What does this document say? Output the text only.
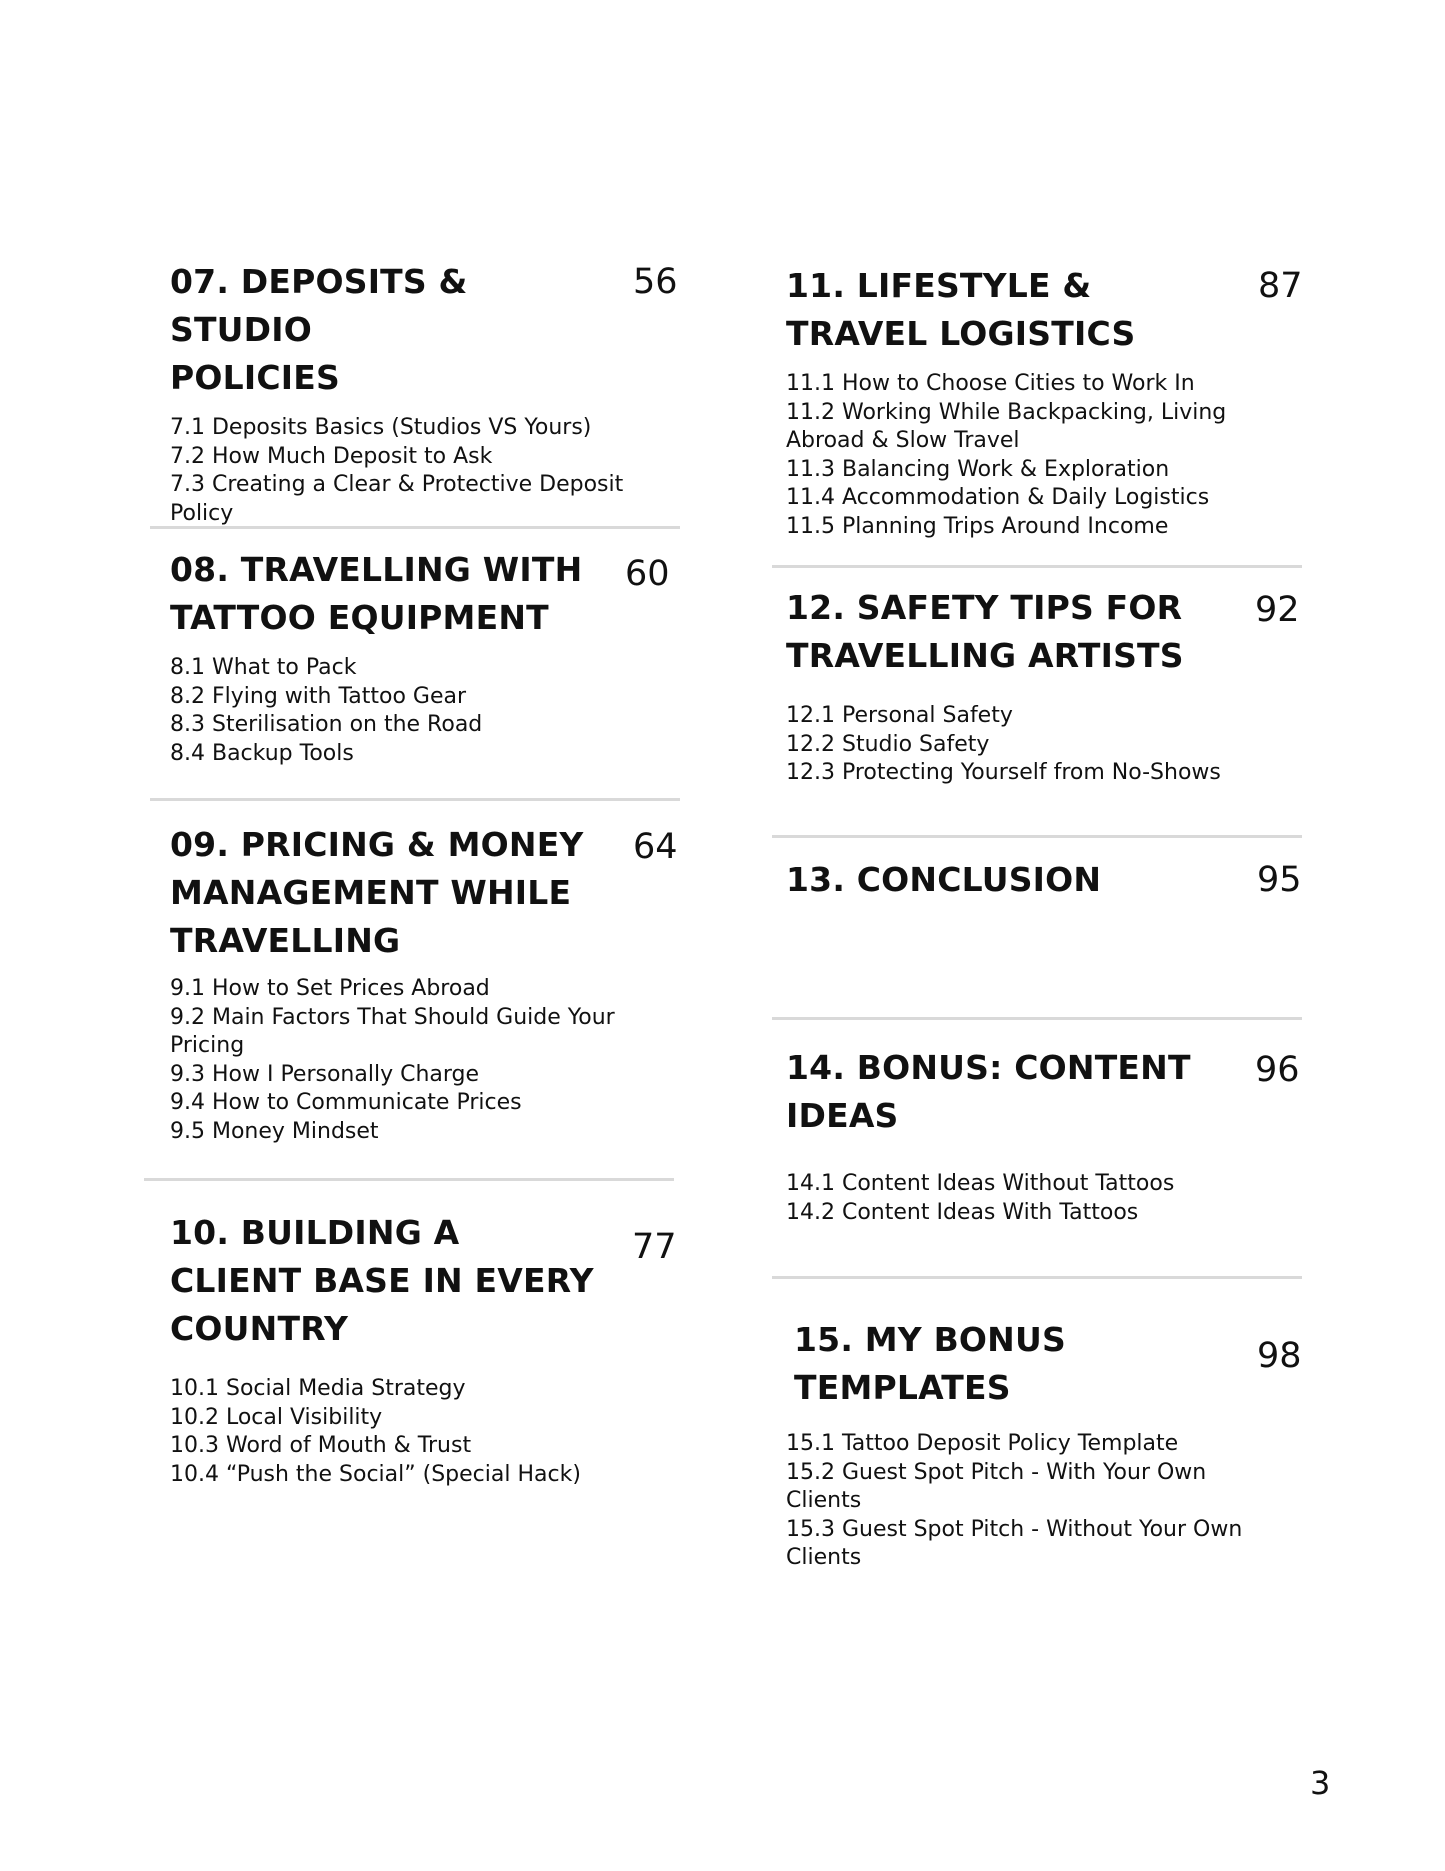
07. DEPOSITS & STUDIO POLICIES
56
7.1 Deposits Basics (Studios VS Yours)
7.2 How Much Deposit to Ask
7.3 Creating a Clear & Protective Deposit Policy
08. TRAVELLING WITH TATTOO EQUIPMENT
60
8.1 What to Pack
8.2 Flying with Tattoo Gear
8.3 Sterilisation on the Road
8.4 Backup Tools
09. PRICING & MONEY MANAGEMENT WHILE TRAVELLING
64
9.1 How to Set Prices Abroad
9.2 Main Factors That Should Guide Your Pricing
9.3 How I Personally Charge
9.4 How to Communicate Prices
9.5 Money Mindset
10. BUILDING A CLIENT BASE IN EVERY COUNTRY
77
10.1 Social Media Strategy
10.2 Local Visibility
10.3 Word of Mouth & Trust
10.4 “Push the Social” (Special Hack)
11. LIFESTYLE & TRAVEL LOGISTICS
87
11.1 How to Choose Cities to Work In
11.2 Working While Backpacking, Living Abroad & Slow Travel
11.3 Balancing Work & Exploration
11.4 Accommodation & Daily Logistics
11.5 Planning Trips Around Income
12. SAFETY TIPS FOR TRAVELLING ARTISTS
92
12.1 Personal Safety
12.2 Studio Safety
12.3 Protecting Yourself from No-Shows
13. CONCLUSION	95
14. BONUS: CONTENT IDEAS
96
14.1 Content Ideas Without Tattoos
14.2 Content Ideas With Tattoos
15. MY BONUS TEMPLATES
98
15.1 Tattoo Deposit Policy Template
15.2 Guest Spot Pitch - With Your Own Clients
15.3 Guest Spot Pitch - Without Your Own Clients
3
